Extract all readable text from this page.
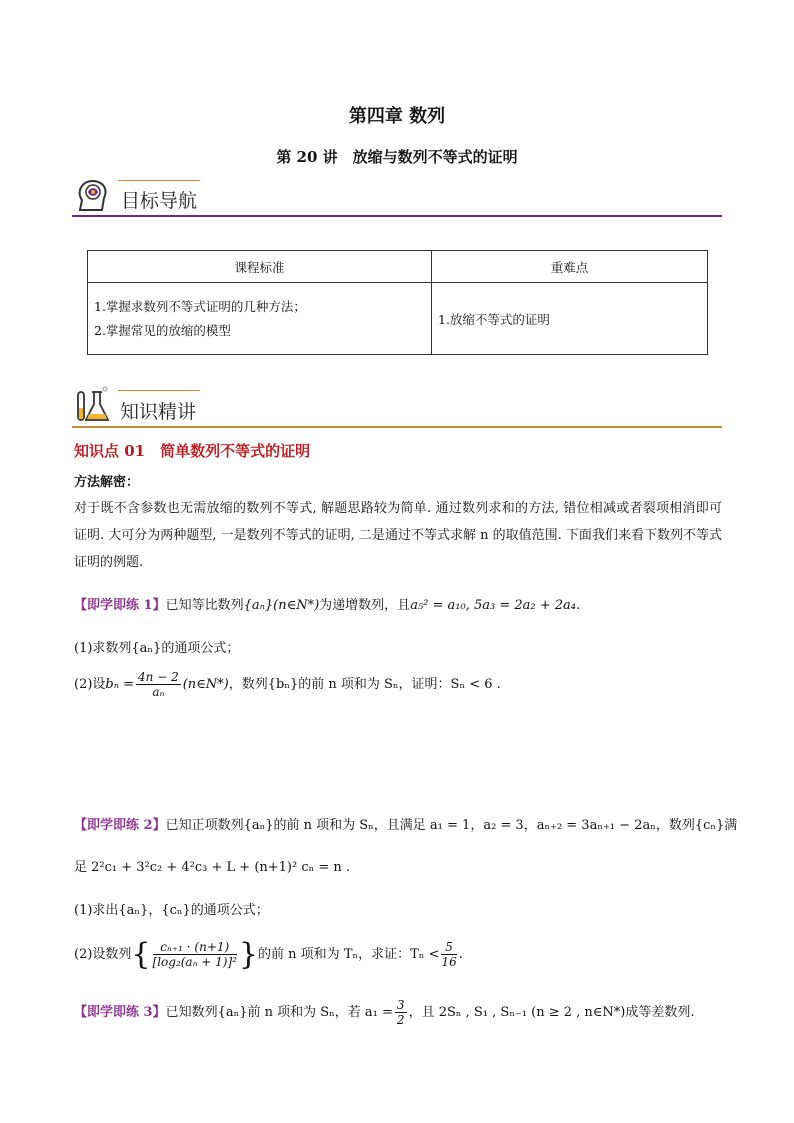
第四章 数列
第 20 讲　放缩与数列不等式的证明
目标导航
课程标准	重难点

1.掌握求数列不等式证明的几种方法；
2.掌握常见的放缩的模型	1.放缩不等式的证明
知识精讲
知识点 01　简单数列不等式的证明
方法解密：
对于既不含参数也无需放缩的数列不等式, 解题思路较为简单. 通过数列求和的方法, 错位相减或者裂项相消即可证明. 大可分为两种题型, 一是数列不等式的证明, 二是通过不等式求解 n 的取值范围. 下面我们来看下数列不等式证明的例题.
【即学即练 1】已知等比数列{aₙ}(n∈N*)为递增数列，且a₅² = a₁₀, 5a₃ = 2a₂ + 2a₄.
(1)求数列{aₙ}的通项公式；
(2)设$b_n = \frac{4n - 2}{\text{aₙ}}$ (n∈N*)，数列{bₙ}的前 n 项和为 Sₙ，证明：Sₙ < 6 .
【即学即练 2】已知正项数列{aₙ}的前 n 项和为 Sₙ，且满足 a₁ = 1，a₂ = 3，aₙ₊₂ = 3aₙ₊₁ − 2aₙ，数列{cₙ}满
足 2²c₁ + 3²c₂ + 4²c₃ + L + (n+1)² cₙ = n .
(1)求出{aₙ}，{cₙ}的通项公式；
(2)设数列{ $\frac{\text{cₙ₊₁ · (n+1)}}{\text{[log₂(aₙ + 1)]²}}$ }的前 n 项和为 Tₙ，求证：$T_n < \frac{5}{16}$ .
【即学即练 3】已知数列{aₙ}前 n 项和为 Sₙ，若 $a_1 = \frac{3}{2}$ ，且 2Sₙ , S₁ , Sₙ₋₁ (n ≥ 2 , n∈N*)成等差数列.
